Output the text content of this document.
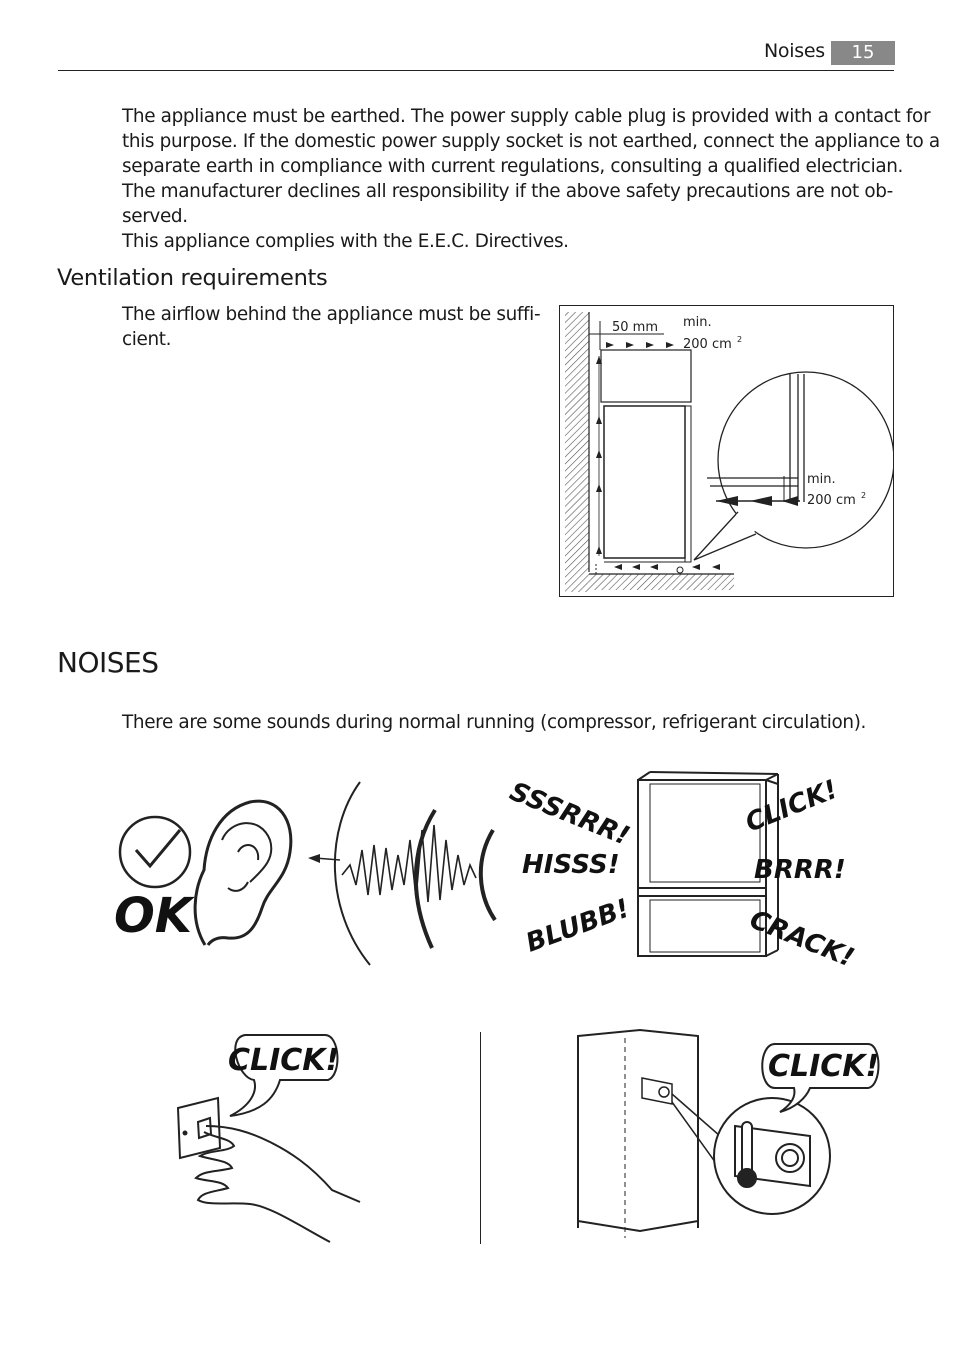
Noises	15
The appliance must be earthed. The power supply cable plug is provided with a contact for
this purpose. If the domestic power supply socket is not earthed, connect the appliance to a
separate earth in compliance with current regulations, consulting a qualified electrician.
The manufacturer declines all responsibility if the above safety precautions are not ob-
served.
This appliance complies with the E.E.C. Directives.
Ventilation requirements
The airflow behind the appliance must be suffi-
cient.
50 mm min.
200 cm 2
min.
200 cm 2
NOISES
There are some sounds during normal running (compressor, refrigerant circulation).
OK
SSSRRR!
HISSS!
BLUBB!
CLICK!
BRRR!
CRACK!
CLICK!	CLICK!
